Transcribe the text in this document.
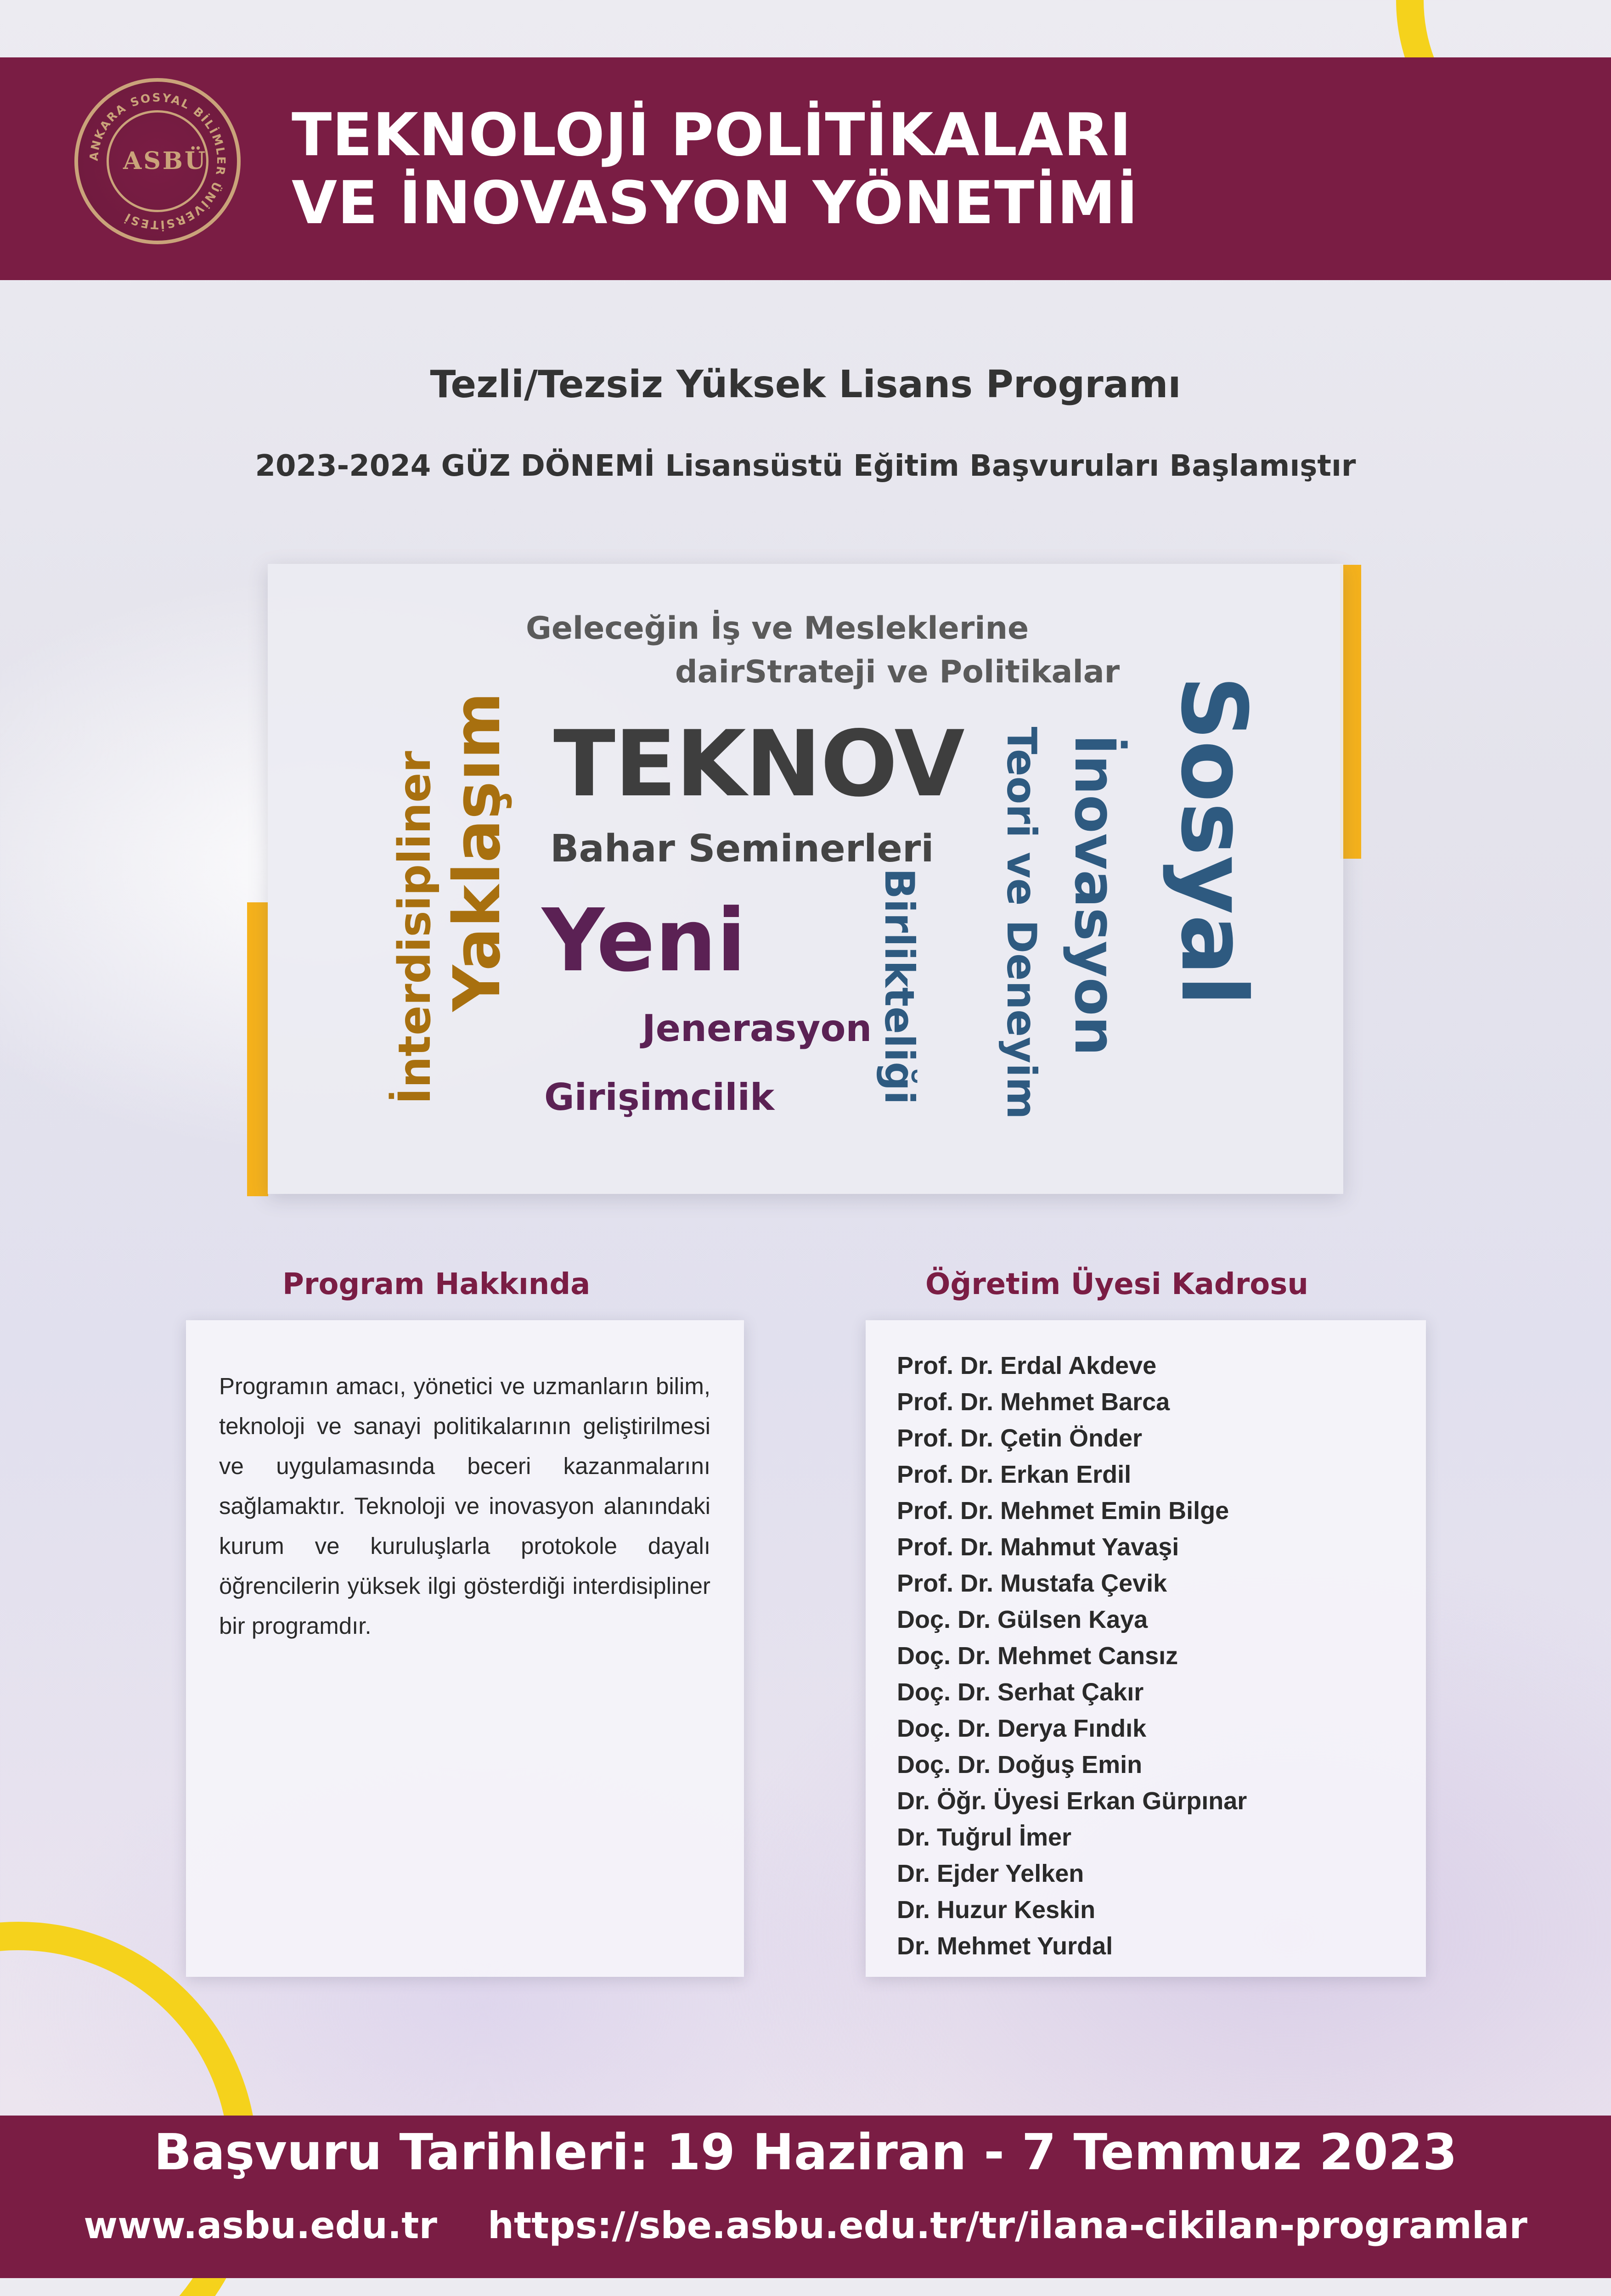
ANKARA SOSYAL BİLİMLER ÜNİVERSİTESİ
ASBÜ TEKNOLOJİ POLİTİKALARI
VE İNOVASYON YÖNETİMİ
Tezli/Tezsiz Yüksek Lisans Programı
2023-2024 GÜZ DÖNEMİ Lisansüstü Eğitim Başvuruları Başlamıştır
Geleceğin İş ve Mesleklerine
dairStrateji ve Politikalar
TEKNOV
Bahar Seminerleri
Yeni
Jenerasyon
Girişimcilik
İnterdisipliner Yaklaşım	Birlikteliği Teori ve Deneyim İnovasyon Sosyal
Program Hakkında
Programın amacı, yönetici ve uzmanların bilim, teknoloji ve sanayi politikalarının geliştirilmesi ve uygulamasında beceri kazanmalarını sağlamaktır. Teknoloji ve inovasyon alanındaki kurum ve kuruluşlarla protokole dayalı öğrencilerin yüksek ilgi gösterdiği interdisipliner bir programdır.
Öğretim Üyesi Kadrosu
Prof. Dr. Erdal Akdeve
Prof. Dr. Mehmet Barca
Prof. Dr. Çetin Önder
Prof. Dr. Erkan Erdil
Prof. Dr. Mehmet Emin Bilge
Prof. Dr. Mahmut Yavaşi
Prof. Dr. Mustafa Çevik
Doç. Dr. Gülsen Kaya
Doç. Dr. Mehmet Cansız
Doç. Dr. Serhat Çakır
Doç. Dr. Derya Fındık
Doç. Dr. Doğuş Emin
Dr. Öğr. Üyesi Erkan Gürpınar
Dr. Tuğrul İmer
Dr. Ejder Yelken
Dr. Huzur Keskin
Dr. Mehmet Yurdal
Başvuru Tarihleri: 19 Haziran - 7 Temmuz 2023
www.asbu.edu.tr https://sbe.asbu.edu.tr/tr/ilana-cikilan-programlar
